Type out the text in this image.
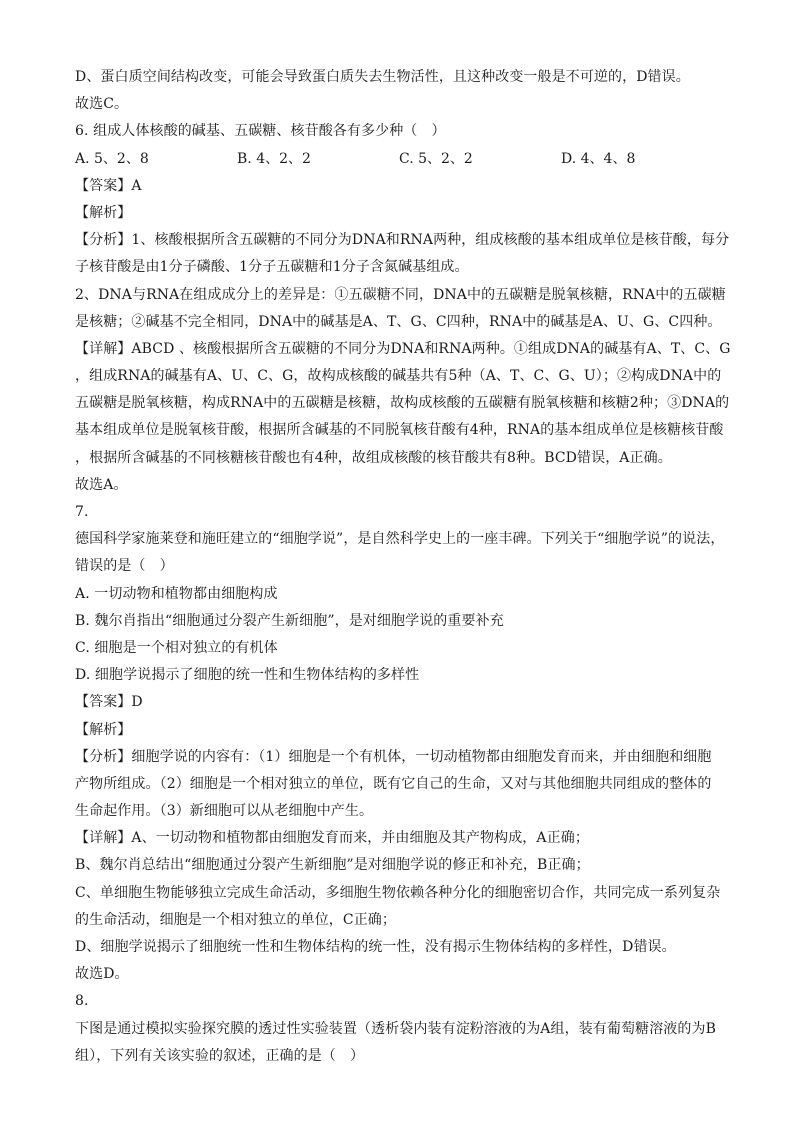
D、蛋白质空间结构改变，可能会导致蛋白质失去生物活性，且这种改变一般是不可逆的，D错误。
故选C。
6. 组成人体核酸的碱基、五碳糖、核苷酸各有多少种（　）
A. 5、2、8	B. 4、2、2	C. 5、2、2	D. 4、4、8
【答案】A
【解析】
【分析】1、核酸根据所含五碳糖的不同分为DNA和RNA两种，组成核酸的基本组成单位是核苷酸，每分
子核苷酸是由1分子磷酸、1分子五碳糖和1分子含氮碱基组成。
2、DNA与RNA在组成成分上的差异是：①五碳糖不同，DNA中的五碳糖是脱氧核糖，RNA中的五碳糖
是核糖；②碱基不完全相同，DNA中的碱基是A、T、G、C四种，RNA中的碱基是A、U、G、C四种。
【详解】ABCD 、核酸根据所含五碳糖的不同分为DNA和RNA两种。①组成DNA的碱基有A、T、C、G
，组成RNA的碱基有A、U、C、G，故构成核酸的碱基共有5种（A、T、C、G、U）；②构成DNA中的
五碳糖是脱氧核糖，构成RNA中的五碳糖是核糖，故构成核酸的五碳糖有脱氧核糖和核糖2种；③DNA的
基本组成单位是脱氧核苷酸，根据所含碱基的不同脱氧核苷酸有4种，RNA的基本组成单位是核糖核苷酸
，根据所含碱基的不同核糖核苷酸也有4种，故组成核酸的核苷酸共有8种。BCD错误，A正确。
故选A。
7.
德国科学家施莱登和施旺建立的“细胞学说”，是自然科学史上的一座丰碑。下列关于“细胞学说”的说法，
错误的是（　）
A. 一切动物和植物都由细胞构成
B. 魏尔肖指出“细胞通过分裂产生新细胞”，是对细胞学说的重要补充
C. 细胞是一个相对独立的有机体
D. 细胞学说揭示了细胞的统一性和生物体结构的多样性
【答案】D
【解析】
【分析】细胞学说的内容有：（1）细胞是一个有机体，一切动植物都由细胞发育而来，并由细胞和细胞
产物所组成。（2）细胞是一个相对独立的单位，既有它自己的生命，又对与其他细胞共同组成的整体的
生命起作用。（3）新细胞可以从老细胞中产生。
【详解】A、一切动物和植物都由细胞发育而来，并由细胞及其产物构成，A正确；
B、魏尔肖总结出“细胞通过分裂产生新细胞”是对细胞学说的修正和补充，B正确；
C、单细胞生物能够独立完成生命活动，多细胞生物依赖各种分化的细胞密切合作，共同完成一系列复杂
的生命活动，细胞是一个相对独立的单位，C正确；
D、细胞学说揭示了细胞统一性和生物体结构的统一性，没有揭示生物体结构的多样性，D错误。
故选D。
8.
下图是通过模拟实验探究膜的透过性实验装置（透析袋内装有淀粉溶液的为A组，装有葡萄糖溶液的为B
组），下列有关该实验的叙述，正确的是（　）
